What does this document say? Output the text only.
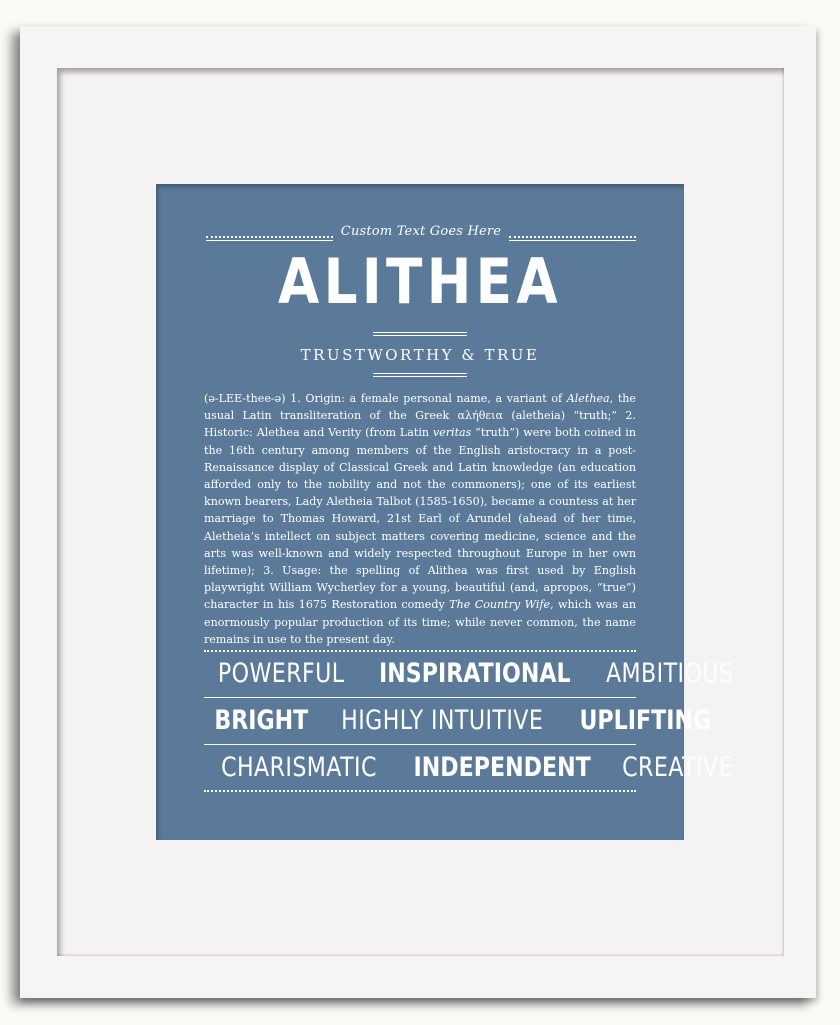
Custom Text Goes Here
ALITHEA
TRUSTWORTHY & TRUE

(ə-LEE-thee-ə) 1. Origin: a female personal name, a variant of Alethea, the usual Latin transliteration of the Greek αλήθεια (aletheia) “truth;” 2. Historic: Alethea and Verity (from Latin veritas “truth”) were both coined in the 16th century among members of the English aristocracy in a post-Renaissance display of Classical Greek and Latin knowledge (an education afforded only to the nobility and not the commoners); one of its earliest known bearers, Lady Aletheia Talbot (1585-1650), became a countess at her marriage to Thomas Howard, 21st Earl of Arundel (ahead of her time, Aletheia’s intellect on subject matters covering medicine, science and the arts was well-known and widely respected throughout Europe in her own lifetime); 3. Usage: the spelling of Alithea was first used by English playwright William Wycherley for a young, beautiful (and, apropos, “true”) character in his 1675 Restoration comedy The Country Wife, which was an enormously popular production of its time; while never common, the name remains in use to the present day.

POWERFUL INSPIRATIONAL AMBITIOUS
BRIGHT HIGHLY INTUITIVE UPLIFTING
CHARISMATIC INDEPENDENT CREATIVE
